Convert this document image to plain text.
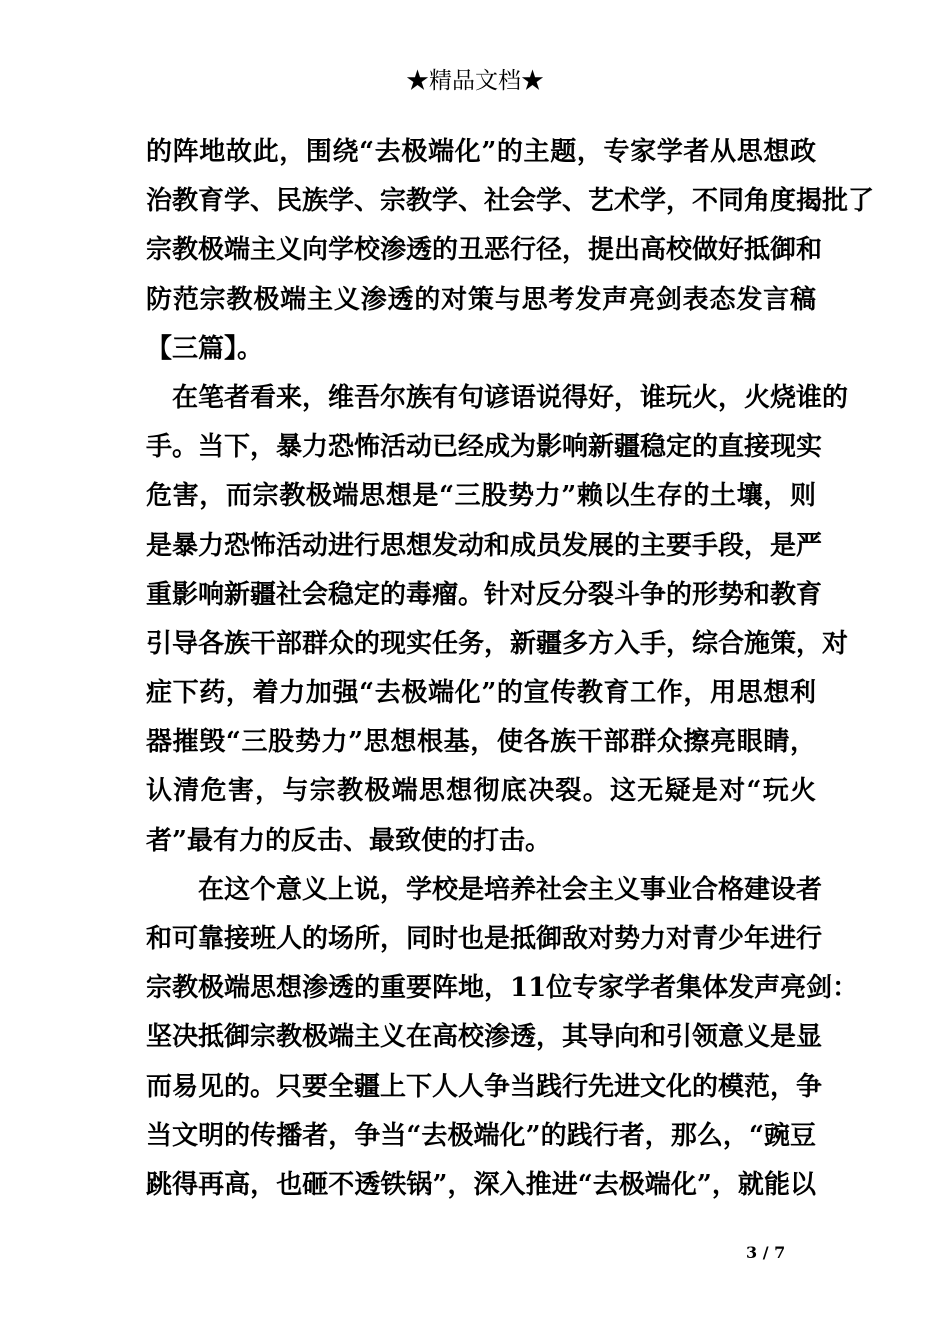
★精品文档★
的阵地故此，围绕“去极端化”的主题，专家学者从思想政
治教育学、民族学、宗教学、社会学、艺术学，不同角度揭批了
宗教极端主义向学校渗透的丑恶行径，提出高校做好抵御和
防范宗教极端主义渗透的对策与思考发声亮剑表态发言稿
【三篇】。
在笔者看来，维吾尔族有句谚语说得好，谁玩火，火烧谁的
手。当下，暴力恐怖活动已经成为影响新疆稳定的直接现实
危害，而宗教极端思想是“三股势力”赖以生存的土壤，则
是暴力恐怖活动进行思想发动和成员发展的主要手段，是严
重影响新疆社会稳定的毒瘤。针对反分裂斗争的形势和教育
引导各族干部群众的现实任务，新疆多方入手，综合施策，对
症下药，着力加强“去极端化”的宣传教育工作，用思想利
器摧毁“三股势力”思想根基，使各族干部群众擦亮眼睛，
认清危害，与宗教极端思想彻底决裂。这无疑是对“玩火
者”最有力的反击、最致使的打击。
在这个意义上说，学校是培养社会主义事业合格建设者
和可靠接班人的场所，同时也是抵御敌对势力对青少年进行
宗教极端思想渗透的重要阵地，11位专家学者集体发声亮剑：
坚决抵御宗教极端主义在高校渗透，其导向和引领意义是显
而易见的。只要全疆上下人人争当践行先进文化的模范，争
当文明的传播者，争当“去极端化”的践行者，那么，“豌豆
跳得再高，也砸不透铁锅”，深入推进“去极端化”，就能以
3 / 7
